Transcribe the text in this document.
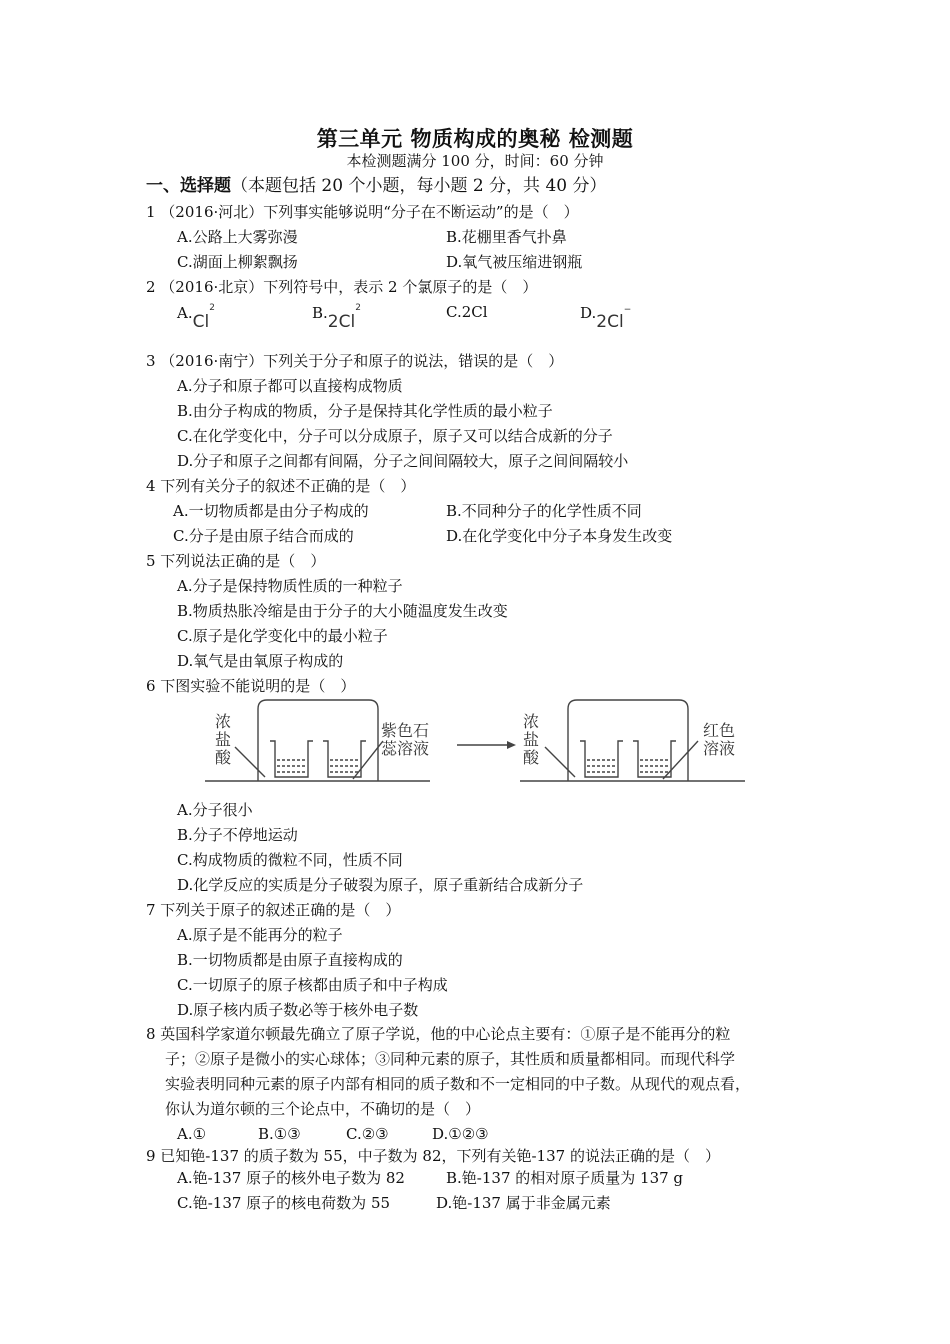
第三单元 物质构成的奥秘 检测题
本检测题满分 100 分，时间：60 分钟
一、选择题（本题包括 20 个小题，每小题 2 分，共 40 分）
1 （2016·河北）下列事实能够说明“分子在不断运动”的是（　）
A.公路上大雾弥漫	B.花棚里香气扑鼻
C.湖面上柳絮飘扬	D.氧气被压缩进钢瓶
2 （2016·北京）下列符号中，表示 2 个氯原子的是（　）
A.Cl$^2$	B.2Cl$^2$	C.2Cl	D.2Cl−
3 （2016·南宁）下列关于分子和原子的说法，错误的是（　）
A.分子和原子都可以直接构成物质
B.由分子构成的物质，分子是保持其化学性质的最小粒子
C.在化学变化中，分子可以分成原子，原子又可以结合成新的分子
D.分子和原子之间都有间隔，分子之间间隔较大，原子之间间隔较小
4 下列有关分子的叙述不正确的是（　）
A.一切物质都是由分子构成的	B.不同种分子的化学性质不同
C.分子是由原子结合而成的	D.在化学变化中分子本身发生改变
5 下列说法正确的是（　）
A.分子是保持物质性质的一种粒子
B.物质热胀冷缩是由于分子的大小随温度发生改变
C.原子是化学变化中的最小粒子
D.氧气是由氧原子构成的
6 下图实验不能说明的是（　）
浓
盐
酸
紫色石
蕊溶液
浓
盐
酸
红色
溶液
A.分子很小
B.分子不停地运动
C.构成物质的微粒不同，性质不同
D.化学反应的实质是分子破裂为原子，原子重新结合成新分子
7 下列关于原子的叙述正确的是（　）
A.原子是不能再分的粒子
B.一切物质都是由原子直接构成的
C.一切原子的原子核都由质子和中子构成
D.原子核内质子数必等于核外电子数
8 英国科学家道尔顿最先确立了原子学说，他的中心论点主要有：①原子是不能再分的粒
子；②原子是微小的实心球体；③同种元素的原子，其性质和质量都相同。而现代科学
实验表明同种元素的原子内部有相同的质子数和不一定相同的中子数。从现代的观点看，
你认为道尔顿的三个论点中，不确切的是（　）
A.①	B.①③	C.②③	D.①②③
9 已知铯-137 的质子数为 55，中子数为 82，下列有关铯-137 的说法正确的是（　）
A.铯-137 原子的核外电子数为 82	B.铯-137 的相对原子质量为 137 g
C.铯-137 原子的核电荷数为 55	D.铯-137 属于非金属元素
